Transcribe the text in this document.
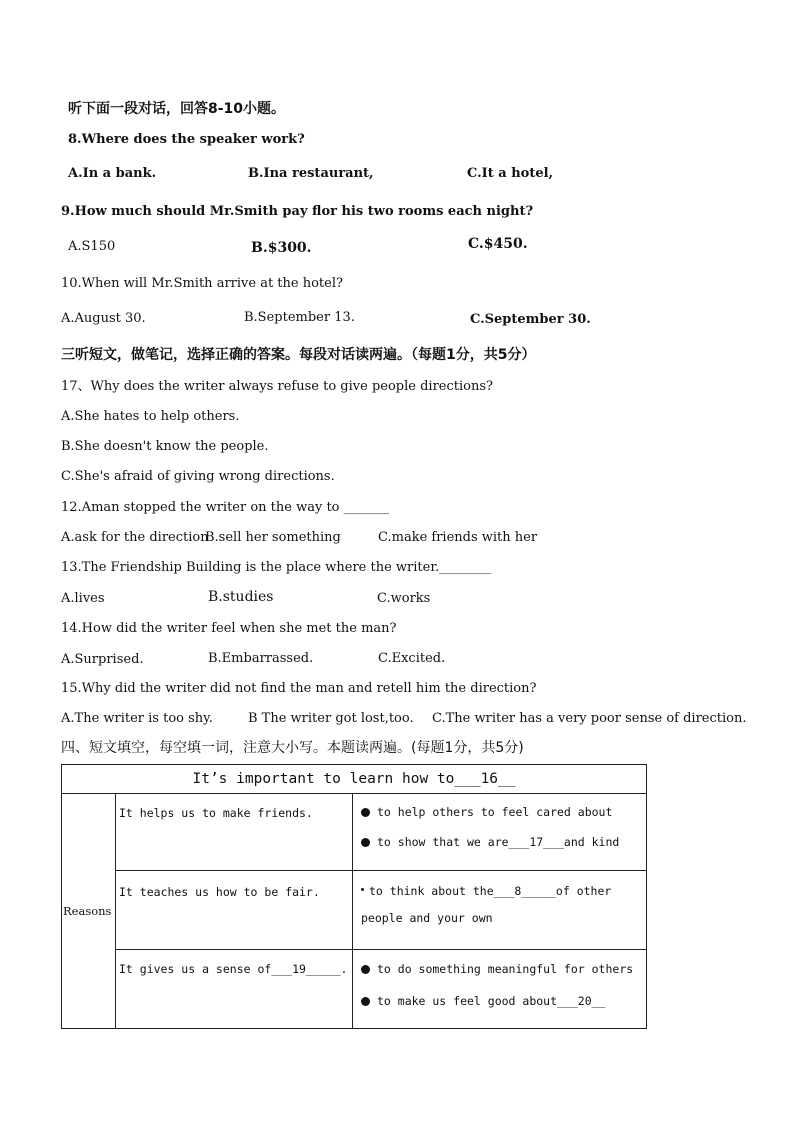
听下面一段对话，回答8-10小题。
8.Where does the speaker work?
A.In a bank.	B.Ina restaurant,	C.It a hotel,
9.How much should Mr.Smith pay flor his two rooms each night?
A.S150	B.$300.	C.$450.
10.When will Mr.Smith arrive at the hotel?
A.August 30.	B.September 13.	C.September 30.
三听短文，做笔记，选择正确的答案。每段对话读两遍。（每题1分，共5分）
17、Why does the writer always refuse to give people directions?
A.She hates to help others.
B.She doesn't know the people.
C.She's afraid of giving wrong directions.
12.Aman stopped the writer on the way to _______
A.ask for the direction
B.sell her something	C.make friends with her
13.The Friendship Building is the place where the writer.________
A.lives	B.studies	C.works
14.How did the writer feel when she met the man?
A.Surprised.	B.Embarrassed.	C.Excited.
15.Why did the writer did not find the man and retell him the direction?
A.The writer is too shy.	B The writer got lost,too. C.The writer has a very poor sense of direction.
四、短文填空，每空填一词，注意大小写。本题读两遍。(每题1分，共5分)
It’s important to learn how to___16__		
Reasons	It helps us to make friends.	to help others to feel cared about
to show that we are___17___and kind

	It teaches us how to be fair.	to think about the___8_____of other
people and your own

	It gives us a sense of___19_____.	to do something meaningful for others
to make us feel good about___20__
